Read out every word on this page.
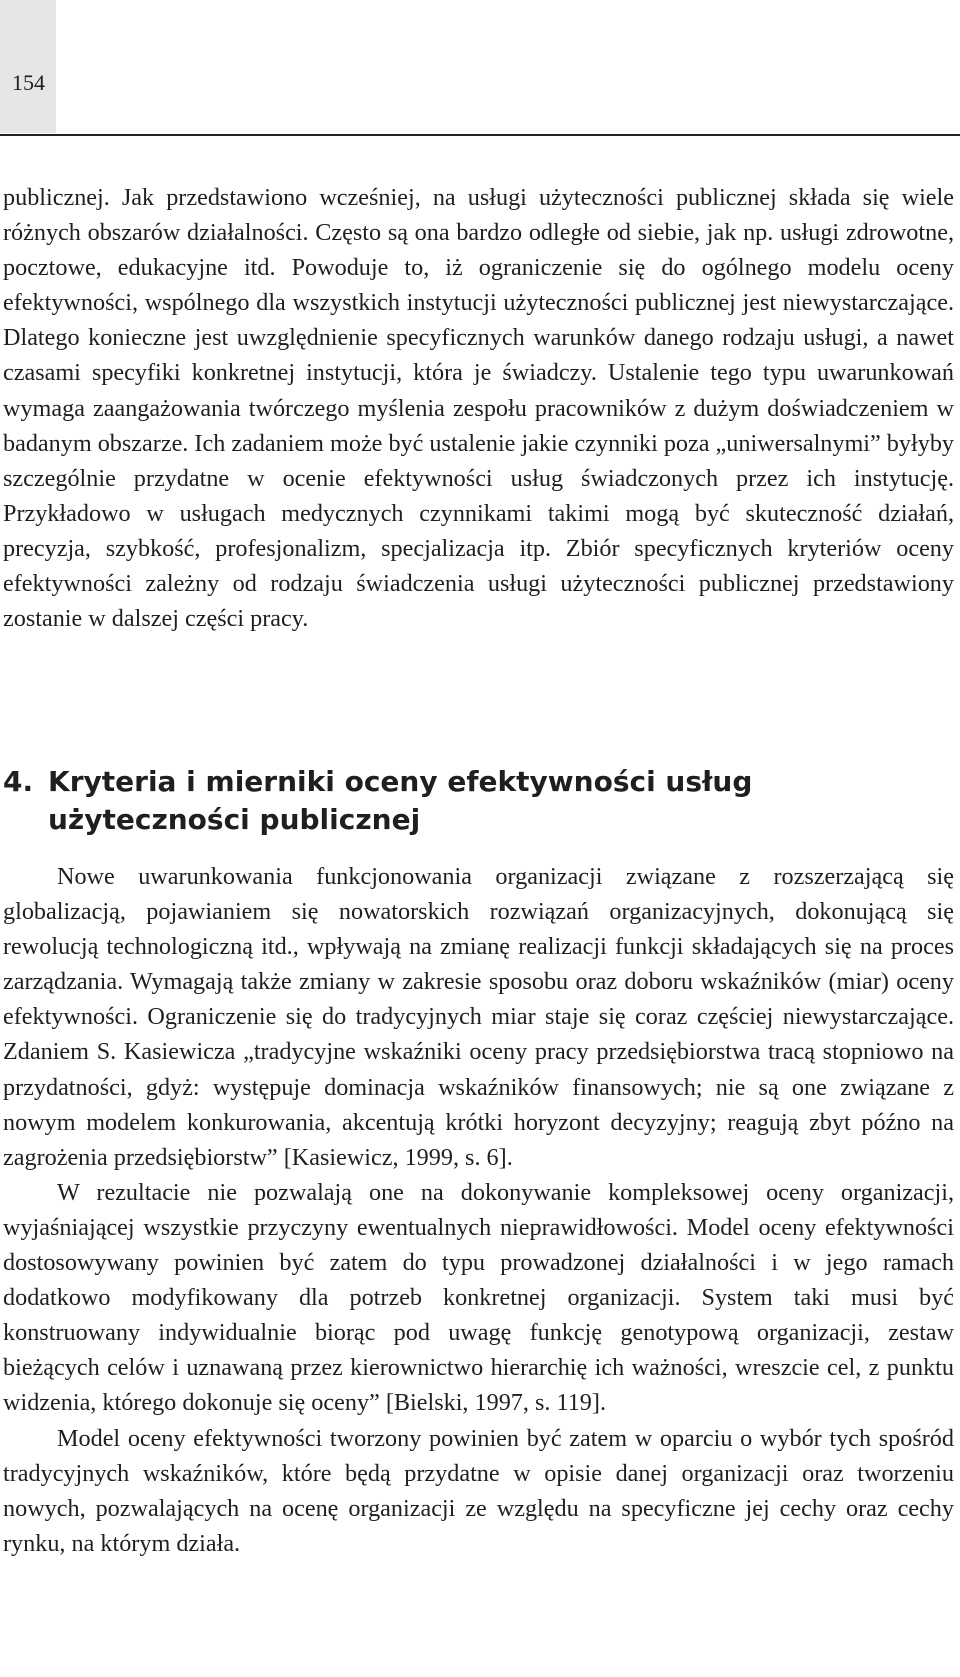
154

publicznej. Jak przedstawiono wcześniej, na usługi użyteczności publicznej składa się wiele różnych obszarów działalności. Często są ona bardzo odległe od siebie, jak np. usługi zdrowotne, pocztowe, edukacyjne itd. Powoduje to, iż ograniczenie się do ogólnego modelu oceny efektywności, wspólnego dla wszystkich instytucji użyteczności publicznej jest niewystarczające. Dlatego konieczne jest uwzględnienie specyficznych warunków danego rodzaju usługi, a nawet czasami specyfiki konkretnej instytucji, która je świadczy. Ustalenie tego typu uwarunkowań wymaga zaangażowania twórczego myślenia zespołu pracowników z dużym doświadczeniem w badanym obszarze. Ich zadaniem może być ustalenie jakie czynniki poza „uniwersalnymi” byłyby szczególnie przydatne w ocenie efektywności usług świadczonych przez ich instytucję. Przykładowo w usługach medycznych czynnikami takimi mogą być skuteczność działań, precyzja, szybkość, profesjonalizm, specjalizacja itp. Zbiór specyficznych kryteriów oceny efektywności zależny od rodzaju świadczenia usługi użyteczności publicznej przedstawiony zostanie w dalszej części pracy.

4. Kryteria i mierniki oceny efektywności usług
użyteczności publicznej

Nowe uwarunkowania funkcjonowania organizacji związane z rozszerzającą się globalizacją, pojawianiem się nowatorskich rozwiązań organizacyjnych, dokonującą się rewolucją technologiczną itd., wpływają na zmianę realizacji funkcji składających się na proces zarządzania. Wymagają także zmiany w zakresie sposobu oraz doboru wskaźników (miar) oceny efektywności. Ograniczenie się do tradycyjnych miar staje się coraz częściej niewystarczające. Zdaniem S. Kasiewicza „tradycyjne wskaźniki oceny pracy przedsiębiorstwa tracą stopniowo na przydatności, gdyż: występuje dominacja wskaźników finansowych; nie są one związane z nowym modelem konkurowania, akcentują krótki horyzont decyzyjny; reagują zbyt późno na zagrożenia przedsiębiorstw” [Kasiewicz, 1999, s. 6].

W rezultacie nie pozwalają one na dokonywanie kompleksowej oceny organizacji, wyjaśniającej wszystkie przyczyny ewentualnych nieprawidłowości. Model oceny efektywności dostosowywany powinien być zatem do typu prowadzonej działalności i w jego ramach dodatkowo modyfikowany dla potrzeb konkretnej organizacji. System taki musi być konstruowany indywidualnie biorąc pod uwagę funkcję genotypową organizacji, zestaw bieżących celów i uznawaną przez kierownictwo hierarchię ich ważności, wreszcie cel, z punktu widzenia, którego dokonuje się oceny” [Bielski, 1997, s. 119].

Model oceny efektywności tworzony powinien być zatem w oparciu o wybór tych spośród tradycyjnych wskaźników, które będą przydatne w opisie danej organizacji oraz tworzeniu nowych, pozwalających na ocenę organizacji ze względu na specyficzne jej cechy oraz cechy rynku, na którym działa.
